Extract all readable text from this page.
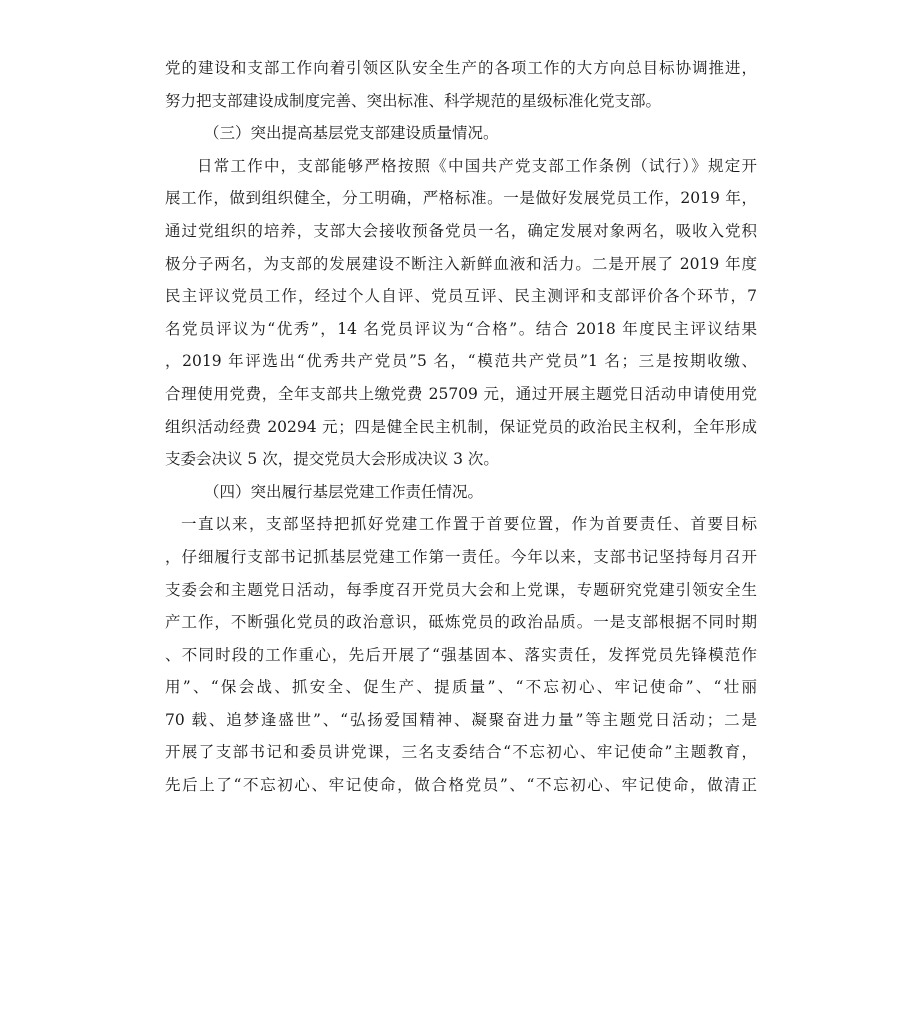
党的建设和支部工作向着引领区队安全生产的各项工作的大方向总目标协调推进，
努力把支部建设成制度完善、突出标准、科学规范的星级标准化党支部。
（三）突出提高基层党支部建设质量情况。
日常工作中，支部能够严格按照《中国共产党支部工作条例（试行）》规定开
展工作，做到组织健全，分工明确，严格标准。一是做好发展党员工作，2019 年，
通过党组织的培养，支部大会接收预备党员一名，确定发展对象两名，吸收入党积
极分子两名，为支部的发展建设不断注入新鲜血液和活力。二是开展了 2019 年度
民主评议党员工作，经过个人自评、党员互评、民主测评和支部评价各个环节，7
名党员评议为“优秀”，14 名党员评议为“合格”。结合 2018 年度民主评议结果
，2019 年评选出“优秀共产党员”5 名，“模范共产党员”1 名；三是按期收缴、
合理使用党费，全年支部共上缴党费 25709 元，通过开展主题党日活动申请使用党
组织活动经费 20294 元；四是健全民主机制，保证党员的政治民主权利，全年形成
支委会决议 5 次，提交党员大会形成决议 3 次。
（四）突出履行基层党建工作责任情况。
一直以来，支部坚持把抓好党建工作置于首要位置，作为首要责任、首要目标
，仔细履行支部书记抓基层党建工作第一责任。今年以来，支部书记坚持每月召开
支委会和主题党日活动，每季度召开党员大会和上党课，专题研究党建引领安全生
产工作，不断强化党员的政治意识，砥炼党员的政治品质。一是支部根据不同时期
、不同时段的工作重心，先后开展了“强基固本、落实责任，发挥党员先锋模范作
用”、“保会战、抓安全、促生产、提质量”、“不忘初心、牢记使命”、“壮丽
70 载、追梦逢盛世”、“弘扬爱国精神、凝聚奋进力量”等主题党日活动；二是
开展了支部书记和委员讲党课，三名支委结合“不忘初心、牢记使命”主题教育，
先后上了“不忘初心、牢记使命，做合格党员”、“不忘初心、牢记使命，做清正
